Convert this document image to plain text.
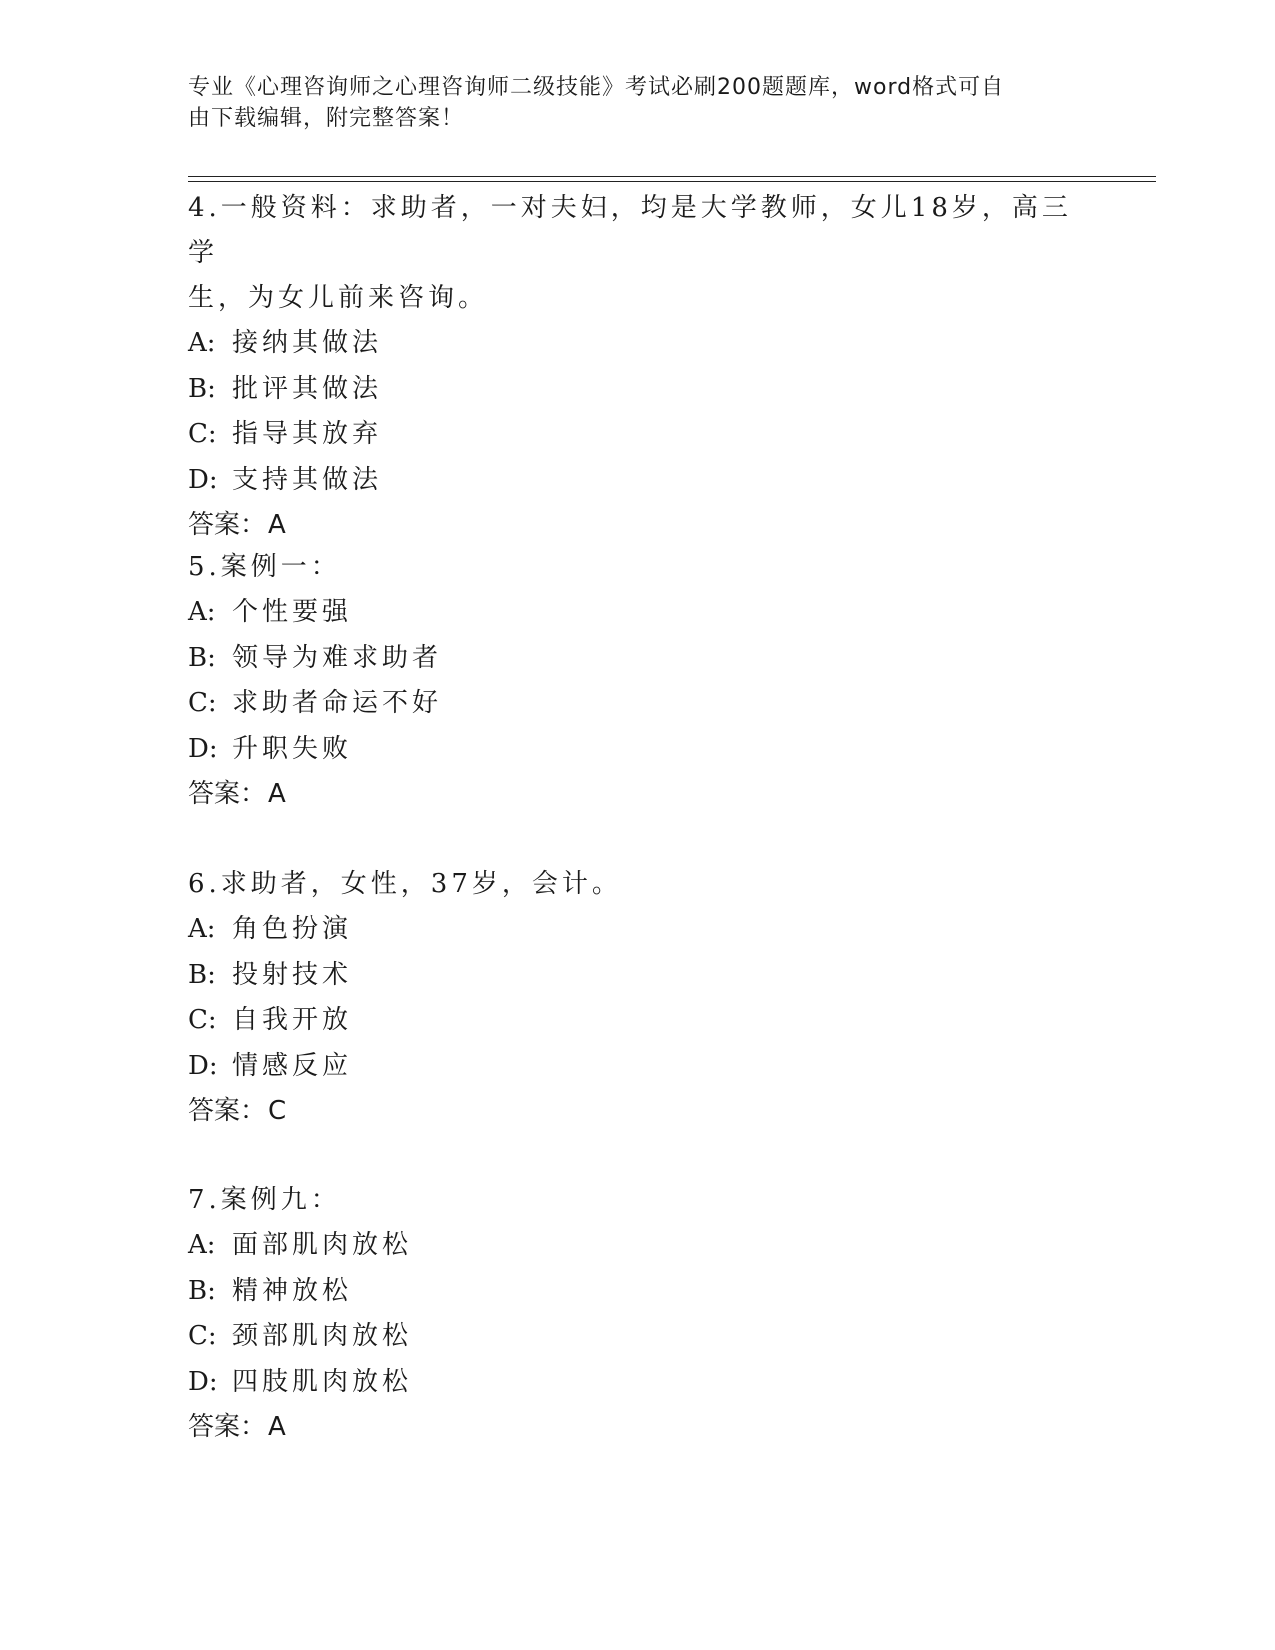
专业《心理咨询师之心理咨询师二级技能》考试必刷200题题库，word格式可自
由下载编辑，附完整答案！

4.一般资料：求助者，一对夫妇，均是大学教师，女儿18岁，高三学

生，为女儿前来咨询。

A: 接纳其做法

B: 批评其做法

C: 指导其放弃

D: 支持其做法

答案：A

5.案例一：

A: 个性要强

B: 领导为难求助者

C: 求助者命运不好

D: 升职失败

答案：A

6.求助者，女性，37岁，会计。

A: 角色扮演

B: 投射技术

C: 自我开放

D: 情感反应

答案：C

7.案例九：

A: 面部肌肉放松

B: 精神放松

C: 颈部肌肉放松

D: 四肢肌肉放松

答案：A
